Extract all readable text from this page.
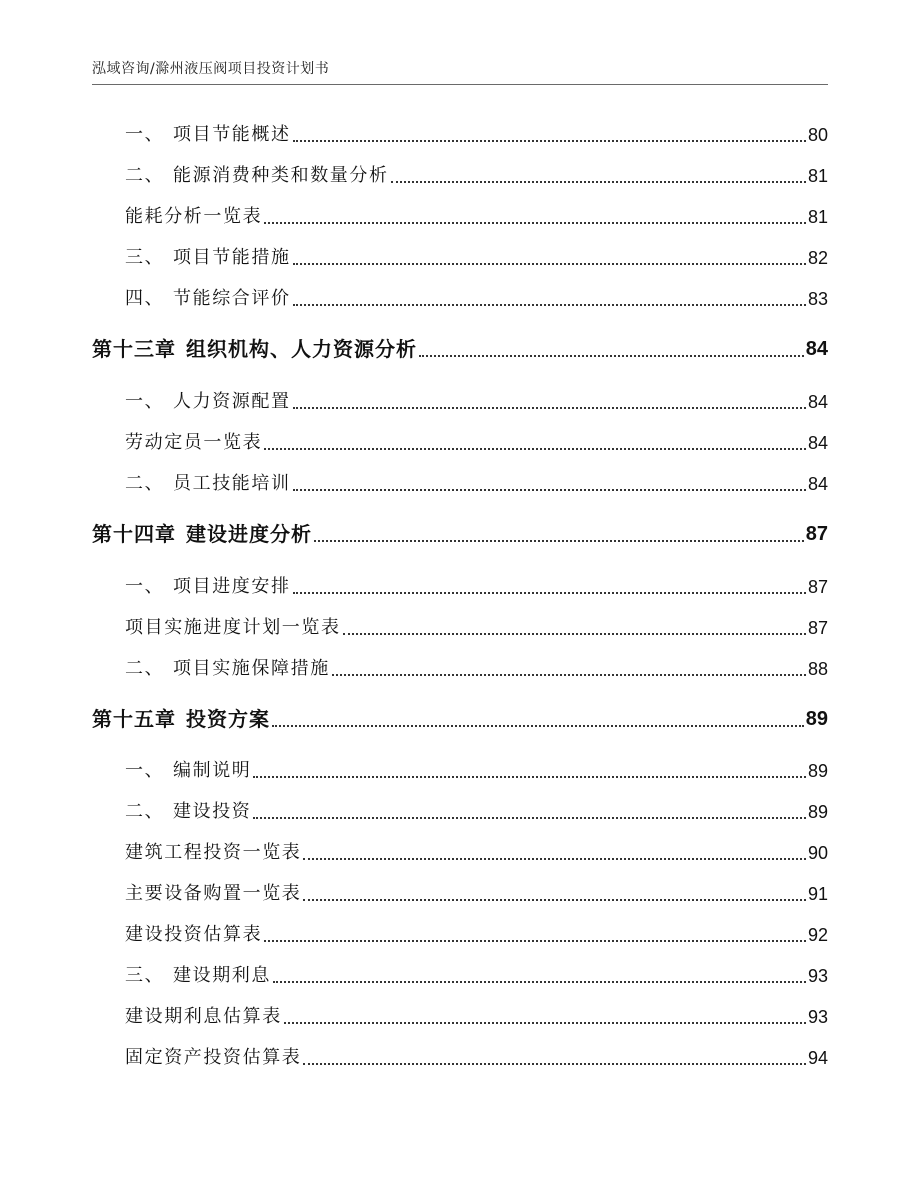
泓域咨询/滁州液压阀项目投资计划书
一、 项目节能概述	80
二、 能源消费种类和数量分析	81
能耗分析一览表	81
三、 项目节能措施	82
四、 节能综合评价	83
第十三章 组织机构、人力资源分析	84
一、 人力资源配置	84
劳动定员一览表	84
二、 员工技能培训	84
第十四章 建设进度分析	87
一、 项目进度安排	87
项目实施进度计划一览表	87
二、 项目实施保障措施	88
第十五章 投资方案	89
一、 编制说明	89
二、 建设投资	89
建筑工程投资一览表	90
主要设备购置一览表	91
建设投资估算表	92
三、 建设期利息	93
建设期利息估算表	93
固定资产投资估算表	94
